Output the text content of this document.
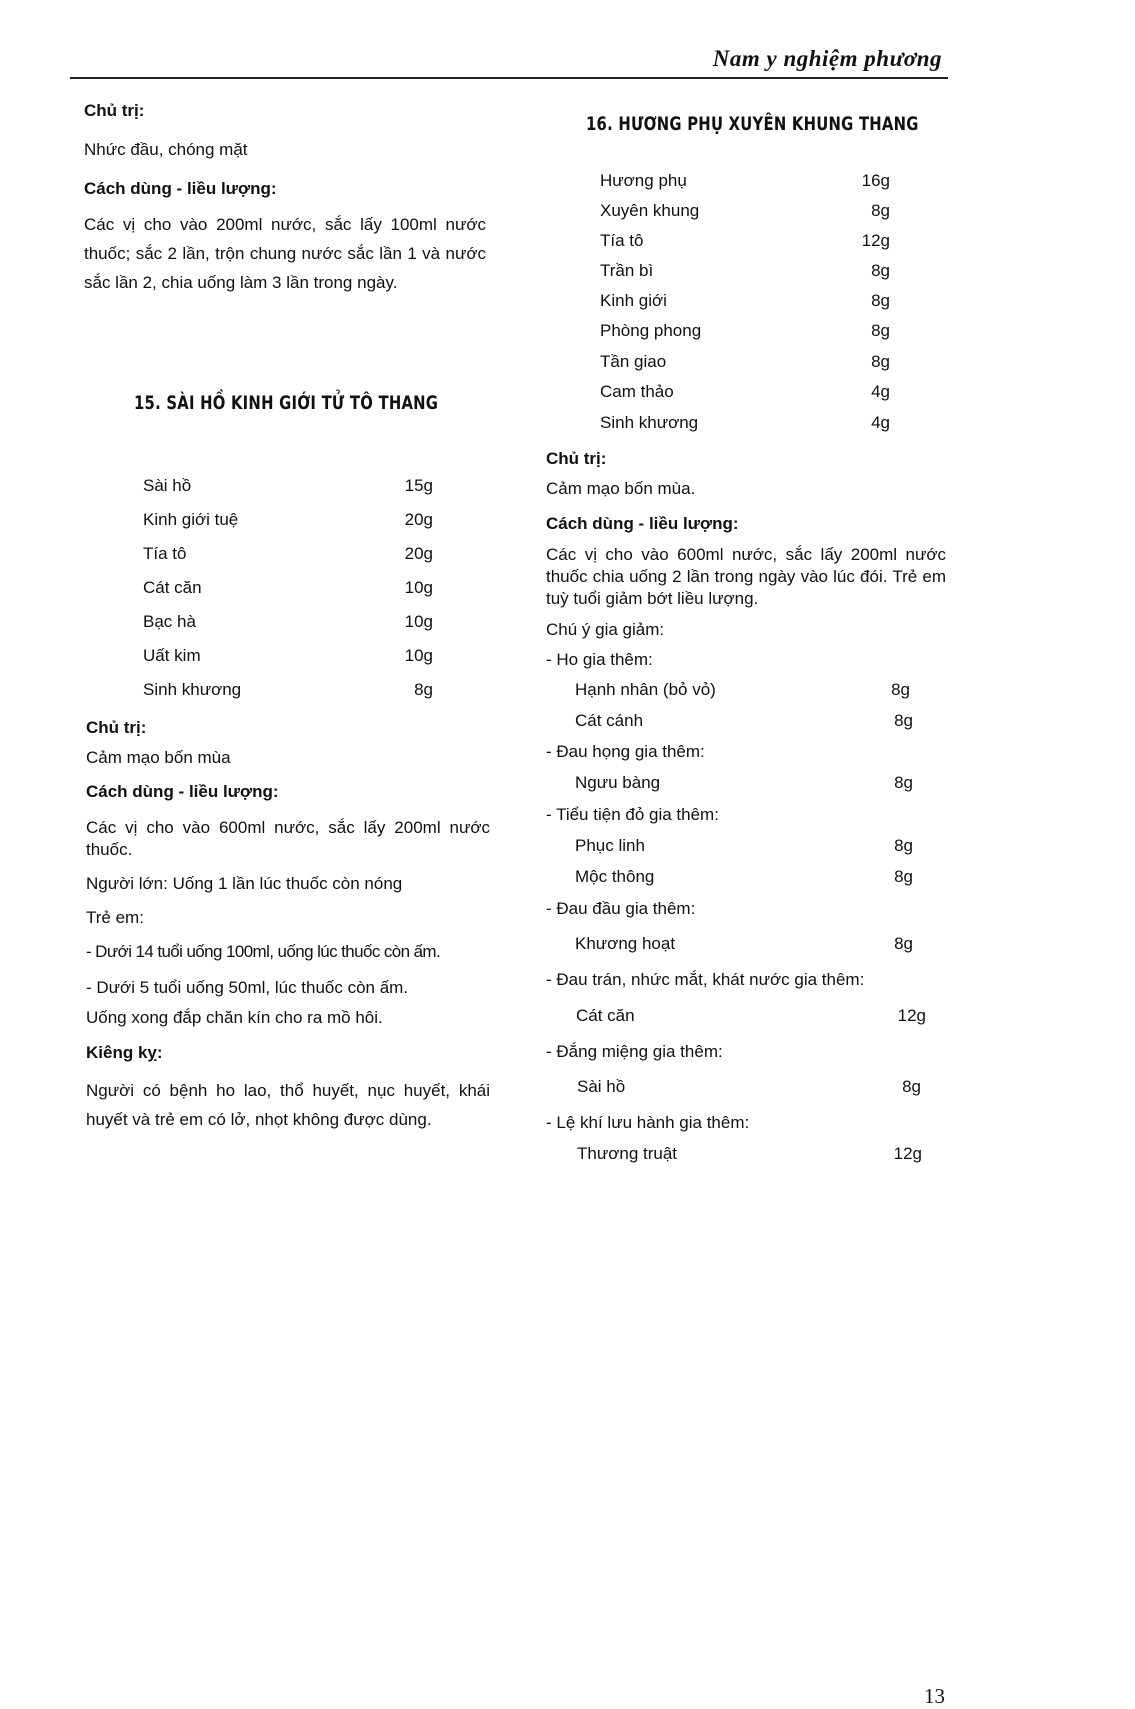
Nam y nghiệm phương
Chủ trị:
Nhức đầu, chóng mặt
Cách dùng - liều lượng:
Các vị cho vào 200ml nước, sắc lấy 100ml nước thuốc; sắc 2 lần, trộn chung nước sắc lần 1 và nước sắc lần 2, chia uống làm 3 lần trong ngày.
15. SÀI HỒ KINH GIỚI TỬ TÔ THANG
Sài hồ	15g
Kinh giới tuệ	20g
Tía tô	20g
Cát căn	10g
Bạc hà	10g
Uất kim	10g
Sinh khương	8g
Chủ trị:
Cảm mạo bốn mùa
Cách dùng - liều lượng:
Các vị cho vào 600ml nước, sắc lấy 200ml nước thuốc.
Người lớn: Uống 1 lần lúc thuốc còn nóng
Trẻ em:
- Dưới 14 tuổi uống 100ml, uống lúc thuốc còn ấm.
- Dưới 5 tuổi uống 50ml, lúc thuốc còn ấm.
Uống xong đắp chăn kín cho ra mồ hôi.
Kiêng kỵ:
Người có bệnh ho lao, thổ huyết, nục huyết, khái huyết và trẻ em có lở, nhọt không được dùng.
16. HƯƠNG PHỤ XUYÊN KHUNG THANG
Hương phụ	16g
Xuyên khung	8g
Tía tô	12g
Trần bì	8g
Kinh giới	8g
Phòng phong	8g
Tần giao	8g
Cam thảo	4g
Sinh khương	4g
Chủ trị:
Cảm mạo bốn mùa.
Cách dùng - liều lượng:
Các vị cho vào 600ml nước, sắc lấy 200ml nước thuốc chia uống 2 lần trong ngày vào lúc đói. Trẻ em tuỳ tuổi giảm bớt liều lượng.
Chú ý gia giảm:
- Ho gia thêm:
Hạnh nhân (bỏ vỏ)	8g
Cát cánh	8g
- Đau họng gia thêm:
Ngưu bàng	8g
- Tiểu tiện đỏ gia thêm:
Phục linh	8g
Mộc thông	8g
- Đau đầu gia thêm:
Khương hoạt	8g
- Đau trán, nhức mắt, khát nước gia thêm:
Cát căn	12g
- Đắng miệng gia thêm:
Sài hồ	8g
- Lệ khí lưu hành gia thêm:
Thương truật	12g
13
